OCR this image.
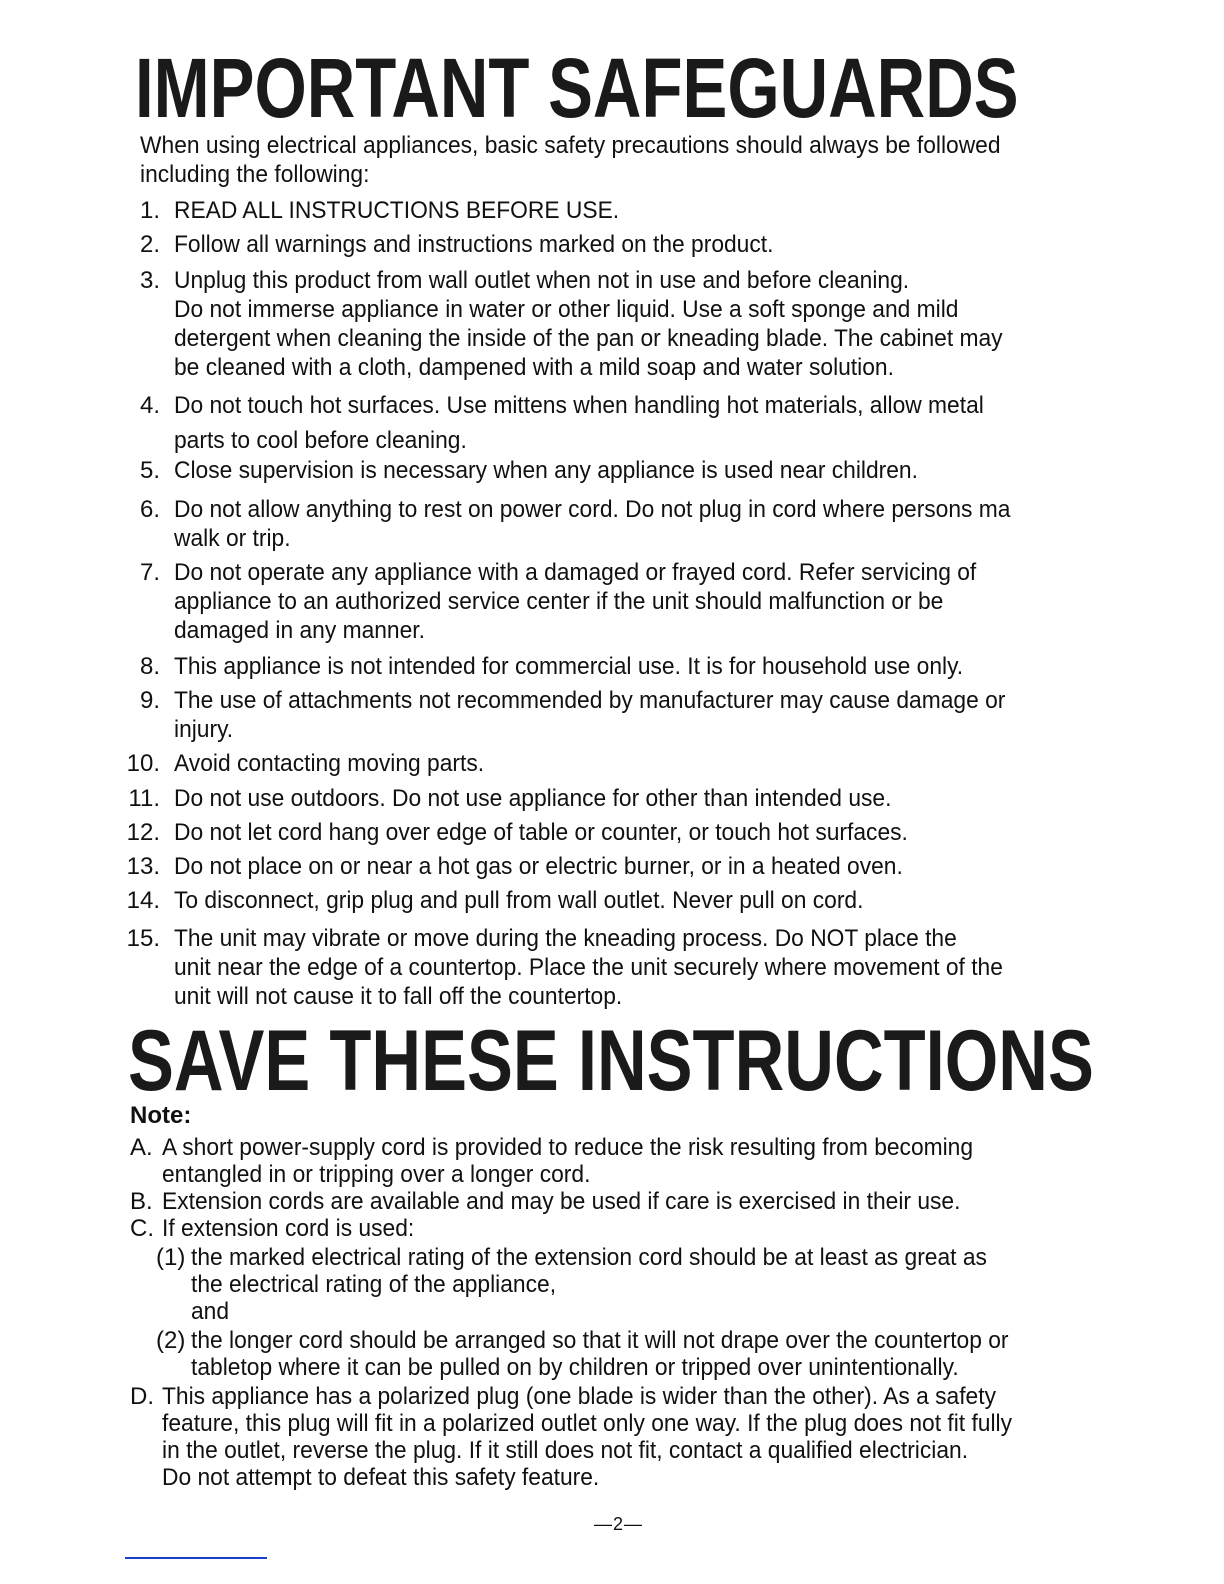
IMPORTANT SAFEGUARDS

When using electrical appliances, basic safety precautions should always be followed
including the following:

1. READ ALL INSTRUCTIONS BEFORE USE.
2. Follow all warnings and instructions marked on the product.
3. Unplug this product from wall outlet when not in use and before cleaning.
Do not immerse appliance in water or other liquid. Use a soft sponge and mild
detergent when cleaning the inside of the pan or kneading blade. The cabinet may
be cleaned with a cloth, dampened with a mild soap and water solution.
4. Do not touch hot surfaces. Use mittens when handling hot materials, allow metal
parts to cool before cleaning.
5. Close supervision is necessary when any appliance is used near children.
6. Do not allow anything to rest on power cord. Do not plug in cord where persons ma
walk or trip.
7. Do not operate any appliance with a damaged or frayed cord. Refer servicing of
appliance to an authorized service center if the unit should malfunction or be
damaged in any manner.
8. This appliance is not intended for commercial use. It is for household use only.
9. The use of attachments not recommended by manufacturer may cause damage or
injury.
10. Avoid contacting moving parts.
11. Do not use outdoors. Do not use appliance for other than intended use.
12. Do not let cord hang over edge of table or counter, or touch hot surfaces.
13. Do not place on or near a hot gas or electric burner, or in a heated oven.
14. To disconnect, grip plug and pull from wall outlet. Never pull on cord.
15. The unit may vibrate or move during the kneading process. Do NOT place the
unit near the edge of a countertop. Place the unit securely where movement of the
unit will not cause it to fall off the countertop.
SAVE THESE INSTRUCTIONS

Note:

A. A short power-supply cord is provided to reduce the risk resulting from becoming
entangled in or tripping over a longer cord.
B. Extension cords are available and may be used if care is exercised in their use.
C. If extension cord is used:
(1) the marked electrical rating of the extension cord should be at least as great as
the electrical rating of the appliance,
and
(2) the longer cord should be arranged so that it will not drape over the countertop or
tabletop where it can be pulled on by children or tripped over unintentionally.
D. This appliance has a polarized plug (one blade is wider than the other). As a safety
feature, this plug will fit in a polarized outlet only one way. If the plug does not fit fully
in the outlet, reverse the plug. If it still does not fit, contact a qualified electrician.
Do not attempt to defeat this safety feature.
—2—
